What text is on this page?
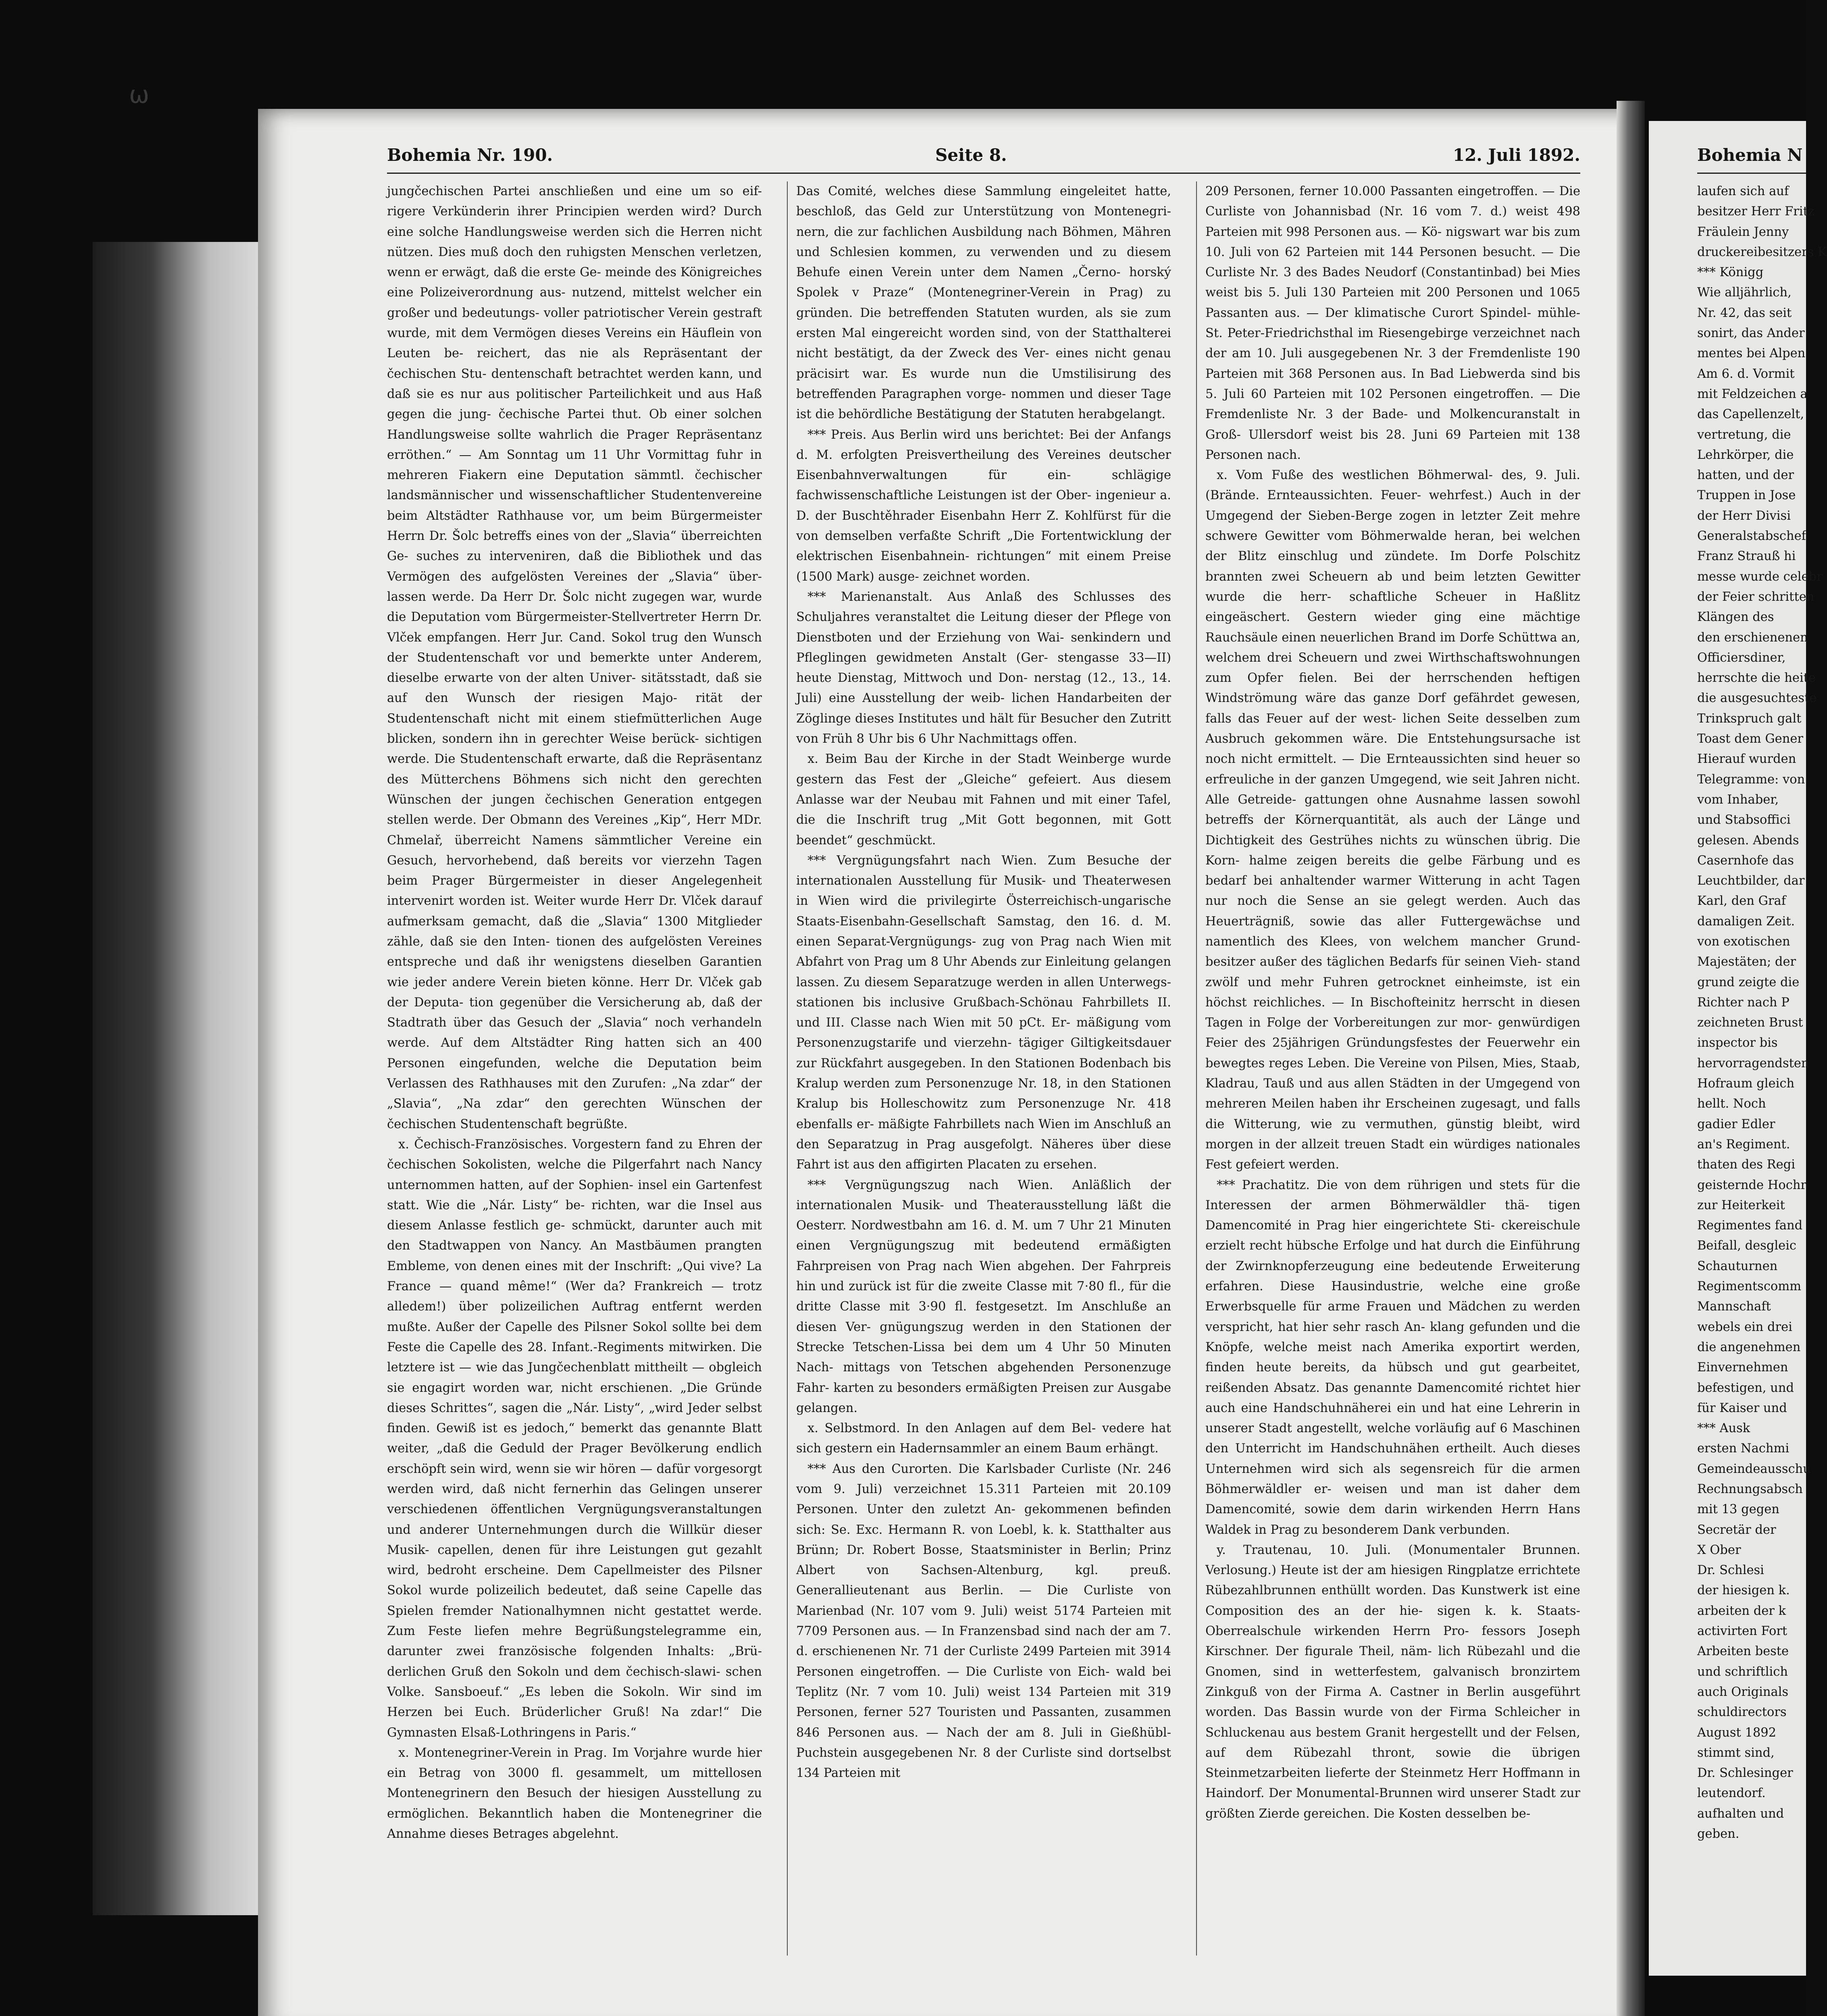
ω
Bohemia Nr. 190.	Seite 8.	12. Juli 1892.

jungčechischen Partei anschließen und eine um so eif- rigere Verkünderin ihrer Principien werden wird? Durch eine solche Handlungsweise werden sich die Herren nicht nützen. Dies muß doch den ruhigsten Menschen verletzen, wenn er erwägt, daß die erste Ge- meinde des Königreiches eine Polizeiverordnung aus- nutzend, mittelst welcher ein großer und bedeutungs- voller patriotischer Verein gestraft wurde, mit dem Vermögen dieses Vereins ein Häuflein von Leuten be- reichert, das nie als Repräsentant der čechischen Stu- dentenschaft betrachtet werden kann, und daß sie es nur aus politischer Parteilichkeit und aus Haß gegen die jung- čechische Partei thut. Ob einer solchen Handlungsweise sollte wahrlich die Prager Repräsentanz erröthen.“ — Am Sonntag um 11 Uhr Vormittag fuhr in mehreren Fiakern eine Deputation sämmtl. čechischer landsmännischer und wissenschaftlicher Studentenvereine beim Altstädter Rathhause vor, um beim Bürgermeister Herrn Dr. Šolc betreffs eines von der „Slavia“ überreichten Ge- suches zu interveniren, daß die Bibliothek und das Vermögen des aufgelösten Vereines der „Slavia“ über- lassen werde. Da Herr Dr. Šolc nicht zugegen war, wurde die Deputation vom Bürgermeister-Stellvertreter Herrn Dr. Vlček empfangen. Herr Jur. Cand. Sokol trug den Wunsch der Studentenschaft vor und bemerkte unter Anderem, dieselbe erwarte von der alten Univer- sitätsstadt, daß sie auf den Wunsch der riesigen Majo- rität der Studentenschaft nicht mit einem stiefmütterlichen Auge blicken, sondern ihn in gerechter Weise berück- sichtigen werde. Die Studentenschaft erwarte, daß die Repräsentanz des Mütterchens Böhmens sich nicht den gerechten Wünschen der jungen čechischen Generation entgegen stellen werde. Der Obmann des Vereines „Kip“, Herr MDr. Chmelař, überreicht Namens sämmtlicher Vereine ein Gesuch, hervorhebend, daß bereits vor vierzehn Tagen beim Prager Bürgermeister in dieser Angelegenheit intervenirt worden ist. Weiter wurde Herr Dr. Vlček darauf aufmerksam gemacht, daß die „Slavia“ 1300 Mitglieder zähle, daß sie den Inten- tionen des aufgelösten Vereines entspreche und daß ihr wenigstens dieselben Garantien wie jeder andere Verein bieten könne. Herr Dr. Vlček gab der Deputa- tion gegenüber die Versicherung ab, daß der Stadtrath über das Gesuch der „Slavia“ noch verhandeln werde. Auf dem Altstädter Ring hatten sich an 400 Personen eingefunden, welche die Deputation beim Verlassen des Rathhauses mit den Zurufen: „Na zdar“ der „Slavia“, „Na zdar“ den gerechten Wünschen der čechischen Studentenschaft begrüßte.

x. Čechisch-Französisches. Vorgestern fand zu Ehren der čechischen Sokolisten, welche die Pilgerfahrt nach Nancy unternommen hatten, auf der Sophien- insel ein Gartenfest statt. Wie die „Nár. Listy“ be- richten, war die Insel aus diesem Anlasse festlich ge- schmückt, darunter auch mit den Stadtwappen von Nancy. An Mastbäumen prangten Embleme, von denen eines mit der Inschrift: „Qui vive? La France — quand même!“ (Wer da? Frankreich — trotz alledem!) über polizeilichen Auftrag entfernt werden mußte. Außer der Capelle des Pilsner Sokol sollte bei dem Feste die Capelle des 28. Infant.-Regiments mitwirken. Die letztere ist — wie das Jungčechenblatt mittheilt — obgleich sie engagirt worden war, nicht erschienen. „Die Gründe dieses Schrittes“, sagen die „Nár. Listy“, „wird Jeder selbst finden. Gewiß ist es jedoch,“ bemerkt das genannte Blatt weiter, „daß die Geduld der Prager Bevölkerung endlich erschöpft sein wird, wenn sie wir hören — dafür vorgesorgt werden wird, daß nicht fernerhin das Gelingen unserer verschiedenen öffentlichen Vergnügungsveranstaltungen und anderer Unternehmungen durch die Willkür dieser Musik- capellen, denen für ihre Leistungen gut gezahlt wird, bedroht erscheine. Dem Capellmeister des Pilsner Sokol wurde polizeilich bedeutet, daß seine Capelle das Spielen fremder Nationalhymnen nicht gestattet werde. Zum Feste liefen mehre Begrüßungstelegramme ein, darunter zwei französische folgenden Inhalts: „Brü- derlichen Gruß den Sokoln und dem čechisch-slawi- schen Volke. Sansboeuf.“ „Es leben die Sokoln. Wir sind im Herzen bei Euch. Brüderlicher Gruß! Na zdar!“ Die Gymnasten Elsaß-Lothringens in Paris.“

x. Montenegriner-Verein in Prag. Im Vorjahre wurde hier ein Betrag von 3000 fl. gesammelt, um mittellosen Montenegrinern den Besuch der hiesigen Ausstellung zu ermöglichen. Bekanntlich haben die Montenegriner die Annahme dieses Betrages abgelehnt.

Das Comité, welches diese Sammlung eingeleitet hatte, beschloß, das Geld zur Unterstützung von Montenegri- nern, die zur fachlichen Ausbildung nach Böhmen, Mähren und Schlesien kommen, zu verwenden und zu diesem Behufe einen Verein unter dem Namen „Černo- horský Spolek v Praze“ (Montenegriner-Verein in Prag) zu gründen. Die betreffenden Statuten wurden, als sie zum ersten Mal eingereicht worden sind, von der Statthalterei nicht bestätigt, da der Zweck des Ver- eines nicht genau präcisirt war. Es wurde nun die Umstilisirung des betreffenden Paragraphen vorge- nommen und dieser Tage ist die behördliche Bestätigung der Statuten herabgelangt.

*** Preis. Aus Berlin wird uns berichtet: Bei der Anfangs d. M. erfolgten Preisvertheilung des Vereines deutscher Eisenbahnverwaltungen für ein- schlägige fachwissenschaftliche Leistungen ist der Ober- ingenieur a. D. der Buschtěhrader Eisenbahn Herr Z. Kohlfürst für die von demselben verfaßte Schrift „Die Fortentwicklung der elektrischen Eisenbahnein- richtungen“ mit einem Preise (1500 Mark) ausge- zeichnet worden.

*** Marienanstalt. Aus Anlaß des Schlusses des Schuljahres veranstaltet die Leitung dieser der Pflege von Dienstboten und der Erziehung von Wai- senkindern und Pfleglingen gewidmeten Anstalt (Ger- stengasse 33—II) heute Dienstag, Mittwoch und Don- nerstag (12., 13., 14. Juli) eine Ausstellung der weib- lichen Handarbeiten der Zöglinge dieses Institutes und hält für Besucher den Zutritt von Früh 8 Uhr bis 6 Uhr Nachmittags offen.

x. Beim Bau der Kirche in der Stadt Weinberge wurde gestern das Fest der „Gleiche“ gefeiert. Aus diesem Anlasse war der Neubau mit Fahnen und mit einer Tafel, die die Inschrift trug „Mit Gott begonnen, mit Gott beendet“ geschmückt.

*** Vergnügungsfahrt nach Wien. Zum Besuche der internationalen Ausstellung für Musik- und Theaterwesen in Wien wird die privilegirte Österreichisch-ungarische Staats-Eisenbahn-Gesellschaft Samstag, den 16. d. M. einen Separat-Vergnügungs- zug von Prag nach Wien mit Abfahrt von Prag um 8 Uhr Abends zur Einleitung gelangen lassen. Zu diesem Separatzuge werden in allen Unterwegs- stationen bis inclusive Grußbach-Schönau Fahrbillets II. und III. Classe nach Wien mit 50 pCt. Er- mäßigung vom Personenzugstarife und vierzehn- tägiger Giltigkeitsdauer zur Rückfahrt ausgegeben. In den Stationen Bodenbach bis Kralup werden zum Personenzuge Nr. 18, in den Stationen Kralup bis Holleschowitz zum Personenzuge Nr. 418 ebenfalls er- mäßigte Fahrbillets nach Wien im Anschluß an den Separatzug in Prag ausgefolgt. Näheres über diese Fahrt ist aus den affigirten Placaten zu ersehen.

*** Vergnügungszug nach Wien. Anläßlich der internationalen Musik- und Theaterausstellung läßt die Oesterr. Nordwestbahn am 16. d. M. um 7 Uhr 21 Minuten einen Vergnügungszug mit bedeutend ermäßigten Fahrpreisen von Prag nach Wien abgehen. Der Fahrpreis hin und zurück ist für die zweite Classe mit 7·80 fl., für die dritte Classe mit 3·90 fl. festgesetzt. Im Anschluße an diesen Ver- gnügungszug werden in den Stationen der Strecke Tetschen-Lissa bei dem um 4 Uhr 50 Minuten Nach- mittags von Tetschen abgehenden Personenzuge Fahr- karten zu besonders ermäßigten Preisen zur Ausgabe gelangen.

x. Selbstmord. In den Anlagen auf dem Bel- vedere hat sich gestern ein Hadernsammler an einem Baum erhängt.

*** Aus den Curorten. Die Karlsbader Curliste (Nr. 246 vom 9. Juli) verzeichnet 15.311 Parteien mit 20.109 Personen. Unter den zuletzt An- gekommenen befinden sich: Se. Exc. Hermann R. von Loebl, k. k. Statthalter aus Brünn; Dr. Robert Bosse, Staatsminister in Berlin; Prinz Albert von Sachsen-Altenburg, kgl. preuß. Generallieutenant aus Berlin. — Die Curliste von Marienbad (Nr. 107 vom 9. Juli) weist 5174 Parteien mit 7709 Personen aus. — In Franzensbad sind nach der am 7. d. erschienenen Nr. 71 der Curliste 2499 Parteien mit 3914 Personen eingetroffen. — Die Curliste von Eich- wald bei Teplitz (Nr. 7 vom 10. Juli) weist 134 Parteien mit 319 Personen, ferner 527 Touristen und Passanten, zusammen 846 Personen aus. — Nach der am 8. Juli in Gießhübl-Puchstein ausgegebenen Nr. 8 der Curliste sind dortselbst 134 Parteien mit

209 Personen, ferner 10.000 Passanten eingetroffen. — Die Curliste von Johannisbad (Nr. 16 vom 7. d.) weist 498 Parteien mit 998 Personen aus. — Kö- nigswart war bis zum 10. Juli von 62 Parteien mit 144 Personen besucht. — Die Curliste Nr. 3 des Bades Neudorf (Constantinbad) bei Mies weist bis 5. Juli 130 Parteien mit 200 Personen und 1065 Passanten aus. — Der klimatische Curort Spindel- mühle-St. Peter-Friedrichsthal im Riesengebirge verzeichnet nach der am 10. Juli ausgegebenen Nr. 3 der Fremdenliste 190 Parteien mit 368 Personen aus. In Bad Liebwerda sind bis 5. Juli 60 Parteien mit 102 Personen eingetroffen. — Die Fremdenliste Nr. 3 der Bade- und Molkencuranstalt in Groß- Ullersdorf weist bis 28. Juni 69 Parteien mit 138 Personen nach.

x. Vom Fuße des westlichen Böhmerwal- des, 9. Juli. (Brände. Ernteaussichten. Feuer- wehrfest.) Auch in der Umgegend der Sieben-Berge zogen in letzter Zeit mehre schwere Gewitter vom Böhmerwalde heran, bei welchen der Blitz einschlug und zündete. Im Dorfe Polschitz brannten zwei Scheuern ab und beim letzten Gewitter wurde die herr- schaftliche Scheuer in Haßlitz eingeäschert. Gestern wieder ging eine mächtige Rauchsäule einen neuerlichen Brand im Dorfe Schüttwa an, welchem drei Scheuern und zwei Wirthschaftswohnungen zum Opfer fielen. Bei der herrschenden heftigen Windströmung wäre das ganze Dorf gefährdet gewesen, falls das Feuer auf der west- lichen Seite desselben zum Ausbruch gekommen wäre. Die Entstehungsursache ist noch nicht ermittelt. — Die Ernteaussichten sind heuer so erfreuliche in der ganzen Umgegend, wie seit Jahren nicht. Alle Getreide- gattungen ohne Ausnahme lassen sowohl betreffs der Körnerquantität, als auch der Länge und Dichtigkeit des Gestrühes nichts zu wünschen übrig. Die Korn- halme zeigen bereits die gelbe Färbung und es bedarf bei anhaltender warmer Witterung in acht Tagen nur noch die Sense an sie gelegt werden. Auch das Heuerträgniß, sowie das aller Futtergewächse und namentlich des Klees, von welchem mancher Grund- besitzer außer des täglichen Bedarfs für seinen Vieh- stand zwölf und mehr Fuhren getrocknet einheimste, ist ein höchst reichliches. — In Bischofteinitz herrscht in diesen Tagen in Folge der Vorbereitungen zur mor- genwürdigen Feier des 25jährigen Gründungsfestes der Feuerwehr ein bewegtes reges Leben. Die Vereine von Pilsen, Mies, Staab, Kladrau, Tauß und aus allen Städten in der Umgegend von mehreren Meilen haben ihr Erscheinen zugesagt, und falls die Witterung, wie zu vermuthen, günstig bleibt, wird morgen in der allzeit treuen Stadt ein würdiges nationales Fest gefeiert werden.

*** Prachatitz. Die von dem rührigen und stets für die Interessen der armen Böhmerwäldler thä- tigen Damencomité in Prag hier eingerichtete Sti- ckereischule erzielt recht hübsche Erfolge und hat durch die Einführung der Zwirnknopferzeugung eine bedeutende Erweiterung erfahren. Diese Hausindustrie, welche eine große Erwerbsquelle für arme Frauen und Mädchen zu werden verspricht, hat hier sehr rasch An- klang gefunden und die Knöpfe, welche meist nach Amerika exportirt werden, finden heute bereits, da hübsch und gut gearbeitet, reißenden Absatz. Das genannte Damencomité richtet hier auch eine Handschuhnäherei ein und hat eine Lehrerin in unserer Stadt angestellt, welche vorläufig auf 6 Maschinen den Unterricht im Handschuhnähen ertheilt. Auch dieses Unternehmen wird sich als segensreich für die armen Böhmerwäldler er- weisen und man ist daher dem Damencomité, sowie dem darin wirkenden Herrn Hans Waldek in Prag zu besonderem Dank verbunden.

y. Trautenau, 10. Juli. (Monumentaler Brunnen. Verlosung.) Heute ist der am hiesigen Ringplatze errichtete Rübezahlbrunnen enthüllt worden. Das Kunstwerk ist eine Composition des an der hie- sigen k. k. Staats-Oberrealschule wirkenden Herrn Pro- fessors Joseph Kirschner. Der figurale Theil, näm- lich Rübezahl und die Gnomen, sind in wetterfestem, galvanisch bronzirtem Zinkguß von der Firma A. Castner in Berlin ausgeführt worden. Das Bassin wurde von der Firma Schleicher in Schluckenau aus bestem Granit hergestellt und der Felsen, auf dem Rübezahl thront, sowie die übrigen Steinmetzarbeiten lieferte der Steinmetz Herr Hoffmann in Haindorf. Der Monumental-Brunnen wird unserer Stadt zur größten Zierde gereichen. Die Kosten desselben be-

Bohemia N
laufen sich auf
besitzer Herr Fritz
Fräulein Jenny
druckereibesitzers K
*** Königg
Wie alljährlich,
Nr. 42, das seit
sonirt, das Ander
mentes bei Alpen
Am 6. d. Vormit
mit Feldzeichen a
das Capellenzelt,
vertretung, die
Lehrkörper, die
hatten, und der
Truppen in Jose
der Herr Divisi
Generalstabschef
Franz Strauß hi
messe wurde celebr
der Feier schritten
Klängen des
den erschienenen
Officiersdiner,
herrschte die heite
die ausgesuchteste
Trinkspruch galt
Toast dem Gener
Hierauf wurden
Telegramme: von
vom Inhaber,
und Stabsoffici
gelesen. Abends
Casernhofe das
Leuchtbilder, dar
Karl, den Graf
damaligen Zeit.
von exotischen
Majestäten; der
grund zeigte die
Richter nach P
zeichneten Brust
inspector bis
hervorragendsten
Hofraum gleich
hellt. Noch
gadier Edler
an's Regiment.
thaten des Regi
geisternde Hochr
zur Heiterkeit
Regimentes fand
Beifall, desgleic
Schauturnen
Regimentscomm
Mannschaft
webels ein drei
die angenehmen
Einvernehmen
befestigen, und
für Kaiser und
*** Ausk
ersten Nachmi
Gemeindeausschu
Rechnungsabsch
mit 13 gegen
Secretär der
X Ober
Dr. Schlesi
der hiesigen k.
arbeiten der k
activirten Fort
Arbeiten beste
und schriftlich
auch Originals
schuldirectors
August 1892
stimmt sind,
Dr. Schlesinger
leutendorf.
aufhalten und
geben.
